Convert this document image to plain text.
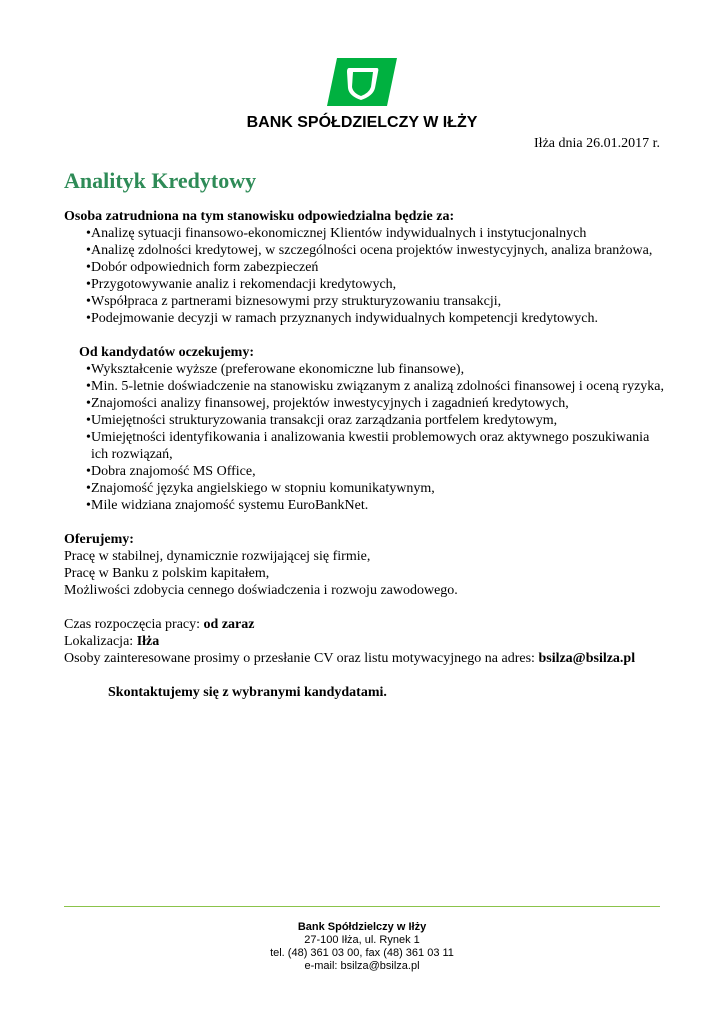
BANK SPÓŁDZIELCZY W IŁŻY
Iłża dnia 26.01.2017 r.
Analityk Kredytowy
Osoba zatrudniona na tym stanowisku odpowiedzialna będzie za:
• Analizę sytuacji finansowo-ekonomicznej Klientów indywidualnych i instytucjonalnych
• Analizę zdolności kredytowej, w szczególności ocena projektów inwestycyjnych, analiza branżowa,
• Dobór odpowiednich form zabezpieczeń
• Przygotowywanie analiz i rekomendacji kredytowych,
• Współpraca z partnerami biznesowymi przy strukturyzowaniu transakcji,
• Podejmowanie decyzji w ramach przyznanych indywidualnych kompetencji kredytowych.
Od kandydatów oczekujemy:
• Wykształcenie wyższe (preferowane ekonomiczne lub finansowe),
• Min. 5-letnie doświadczenie na stanowisku związanym z analizą zdolności finansowej i oceną ryzyka,
• Znajomości analizy finansowej, projektów inwestycyjnych i zagadnień kredytowych,
• Umiejętności strukturyzowania transakcji oraz zarządzania portfelem kredytowym,
• Umiejętności identyfikowania i analizowania kwestii problemowych oraz aktywnego poszukiwania ich rozwiązań,
• Dobra znajomość MS Office,
• Znajomość języka angielskiego w stopniu komunikatywnym,
• Mile widziana znajomość systemu EuroBankNet.
Oferujemy:
Pracę w stabilnej, dynamicznie rozwijającej się firmie,
Pracę w Banku z polskim kapitałem,
Możliwości zdobycia cennego doświadczenia i rozwoju zawodowego.
Czas rozpoczęcia pracy: od zaraz
Lokalizacja: Iłża
Osoby zainteresowane prosimy o przesłanie CV oraz listu motywacyjnego na adres: bsilza@bsilza.pl
Skontaktujemy się z wybranymi kandydatami.
Bank Spółdzielczy w Iłży
27-100 Iłża, ul. Rynek 1
tel. (48) 361 03 00, fax (48) 361 03 11
e-mail: bsilza@bsilza.pl
